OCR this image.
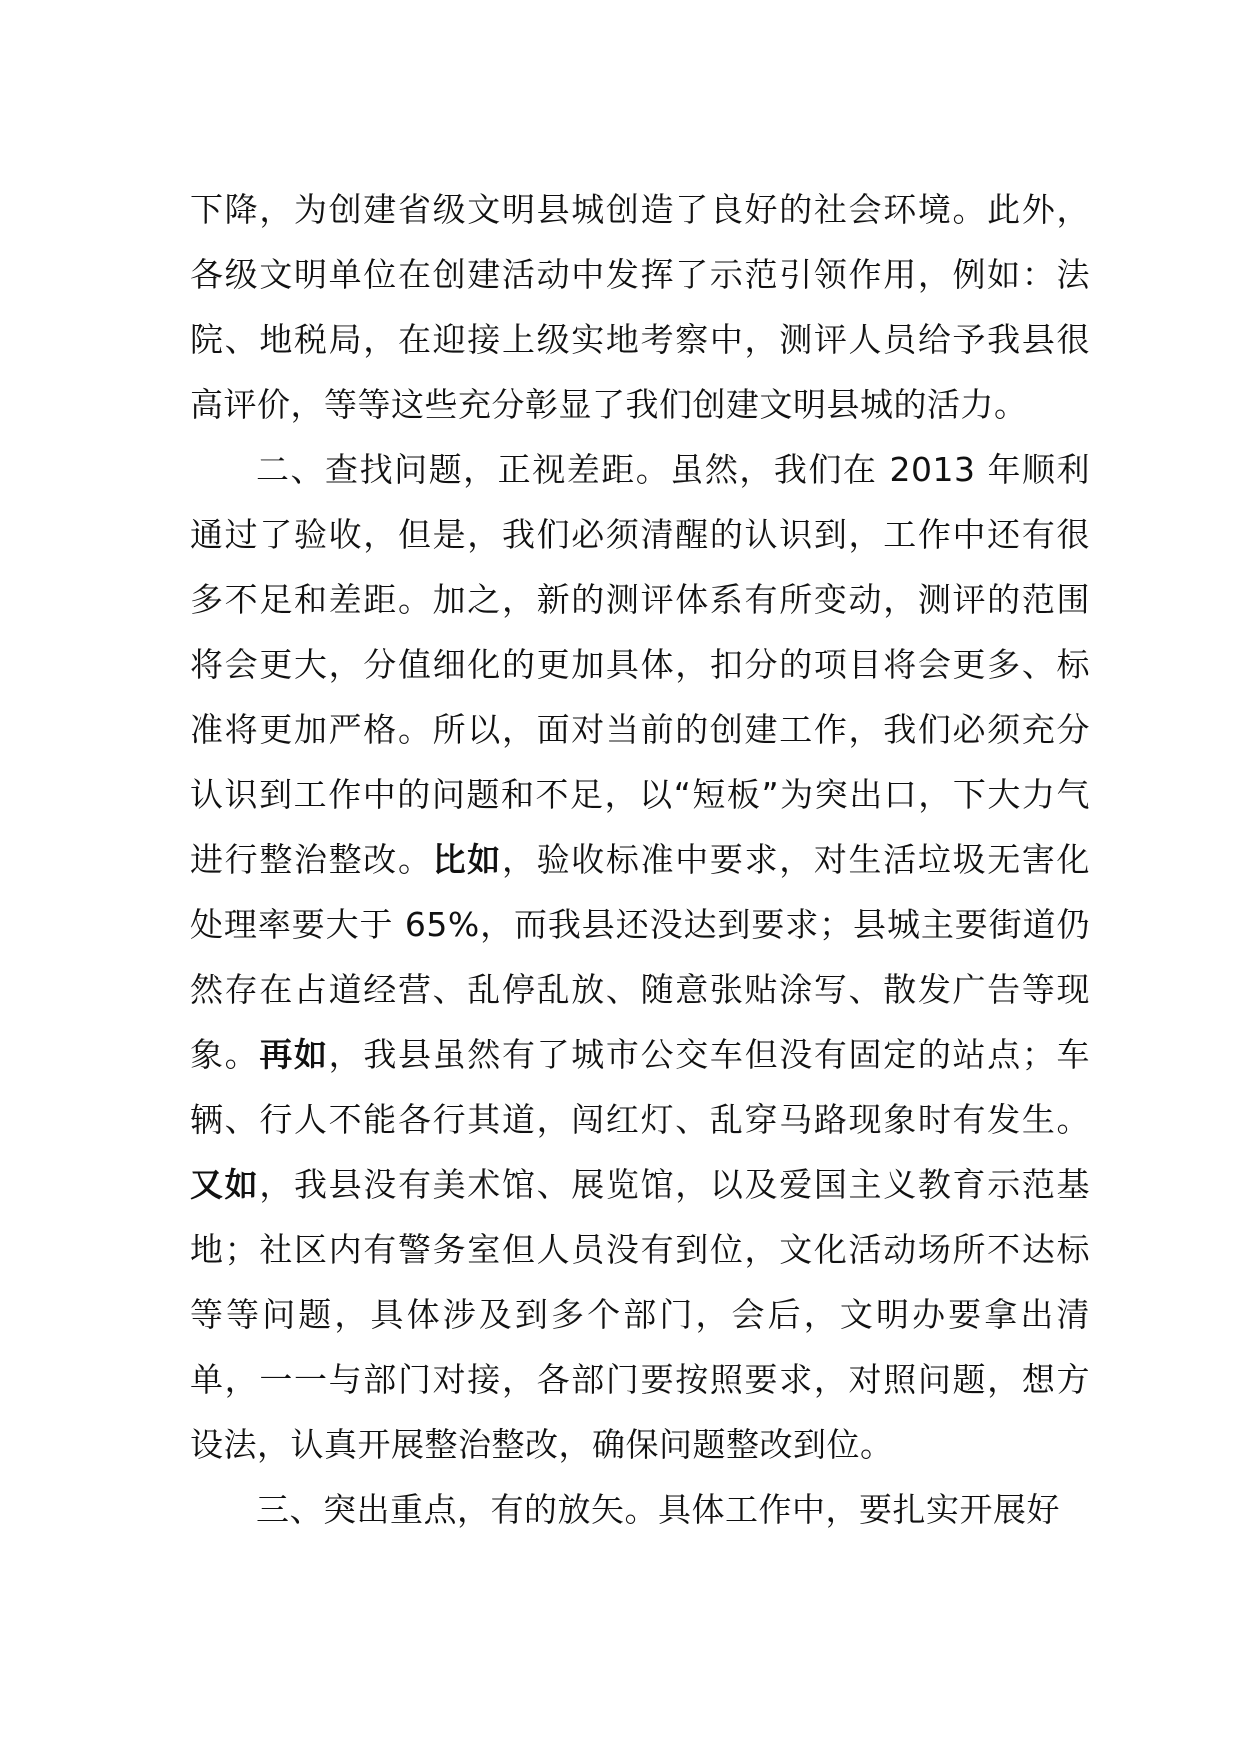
下降，为创建省级文明县城创造了良好的社会环境。此外，各级文明单位在创建活动中发挥了示范引领作用，例如：法院、地税局，在迎接上级实地考察中，测评人员给予我县很高评价，等等这些充分彰显了我们创建文明县城的活力。

二、查找问题，正视差距。虽然，我们在 2013 年顺利通过了验收，但是，我们必须清醒的认识到，工作中还有很多不足和差距。加之，新的测评体系有所变动，测评的范围将会更大，分值细化的更加具体，扣分的项目将会更多、标准将更加严格。所以，面对当前的创建工作，我们必须充分认识到工作中的问题和不足，以“短板”为突出口，下大力气进行整治整改。比如，验收标准中要求，对生活垃圾无害化处理率要大于 65%，而我县还没达到要求；县城主要街道仍然存在占道经营、乱停乱放、随意张贴涂写、散发广告等现象。再如，我县虽然有了城市公交车但没有固定的站点；车辆、行人不能各行其道，闯红灯、乱穿马路现象时有发生。又如，我县没有美术馆、展览馆，以及爱国主义教育示范基地；社区内有警务室但人员没有到位，文化活动场所不达标等等问题，具体涉及到多个部门，会后，文明办要拿出清单，一一与部门对接，各部门要按照要求，对照问题，想方设法，认真开展整治整改，确保问题整改到位。

三、突出重点，有的放矢。具体工作中，要扎实开展好
